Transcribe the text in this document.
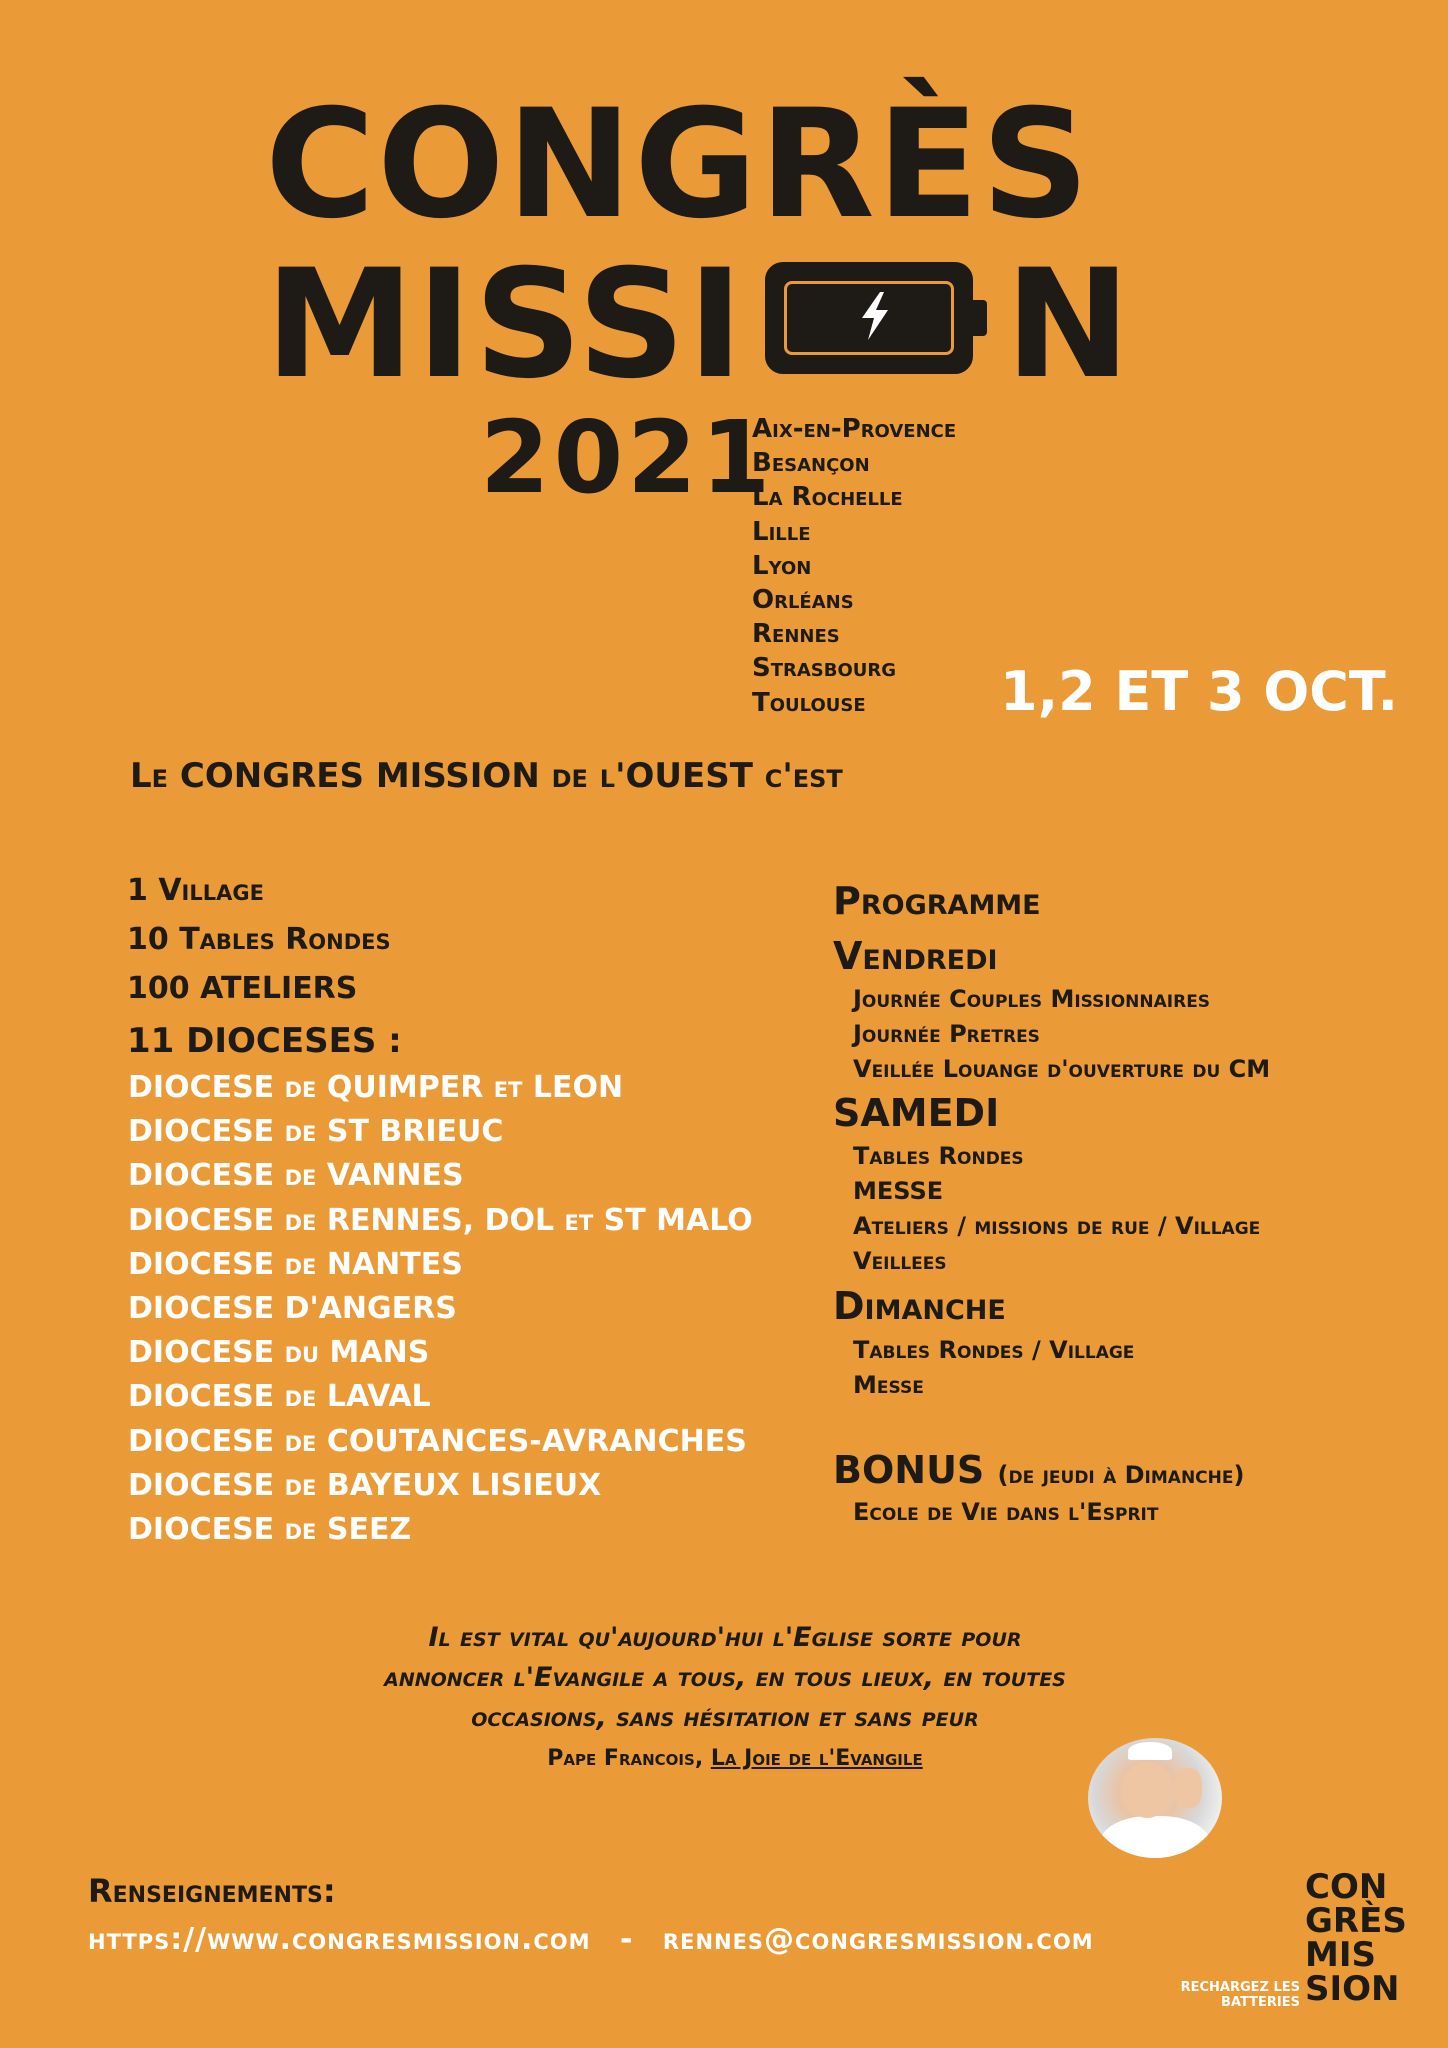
CONGRÈS
MISSI N
2021
Aix-en-Provence
Besançon
La Rochelle
Lille
Lyon
Orléans
Rennes
Strasbourg
Toulouse	1,2 ET 3 OCT.
Le CONGRES MISSION de l'OUEST c'est
1 Village
10 Tables Rondes
100 ATELIERS
11 DIOCESES :
DIOCESE de QUIMPER et LEON
DIOCESE de ST BRIEUC
DIOCESE de VANNES
DIOCESE de RENNES, DOL et ST MALO
DIOCESE de NANTES
DIOCESE D'ANGERS
DIOCESE du MANS
DIOCESE de LAVAL
DIOCESE de COUTANCES-AVRANCHES
DIOCESE de BAYEUX LISIEUX
DIOCESE de SEEZ
Programme
Vendredi
Journée Couples Missionnaires
Journée Pretres
Veillée Louange d'ouverture du CM
SAMEDI
Tables Rondes
MESSE
Ateliers / missions de rue / Village
Veillees
Dimanche
Tables Rondes / Village
Messe
BONUS (de jeudi à Dimanche)
Ecole de Vie dans l'Esprit
Il est vital qu'aujourd'hui l'Eglise sorte pour
annoncer l'Evangile a tous, en tous lieux, en toutes
occasions, sans hésitation et sans peur
Pape Francois, La Joie de l'Evangile
Renseignements:
https://www.congresmission.com - rennes@congresmission.com
CON
GRÈS
MIS
SION
RECHARGEZ LES BATTERIES
